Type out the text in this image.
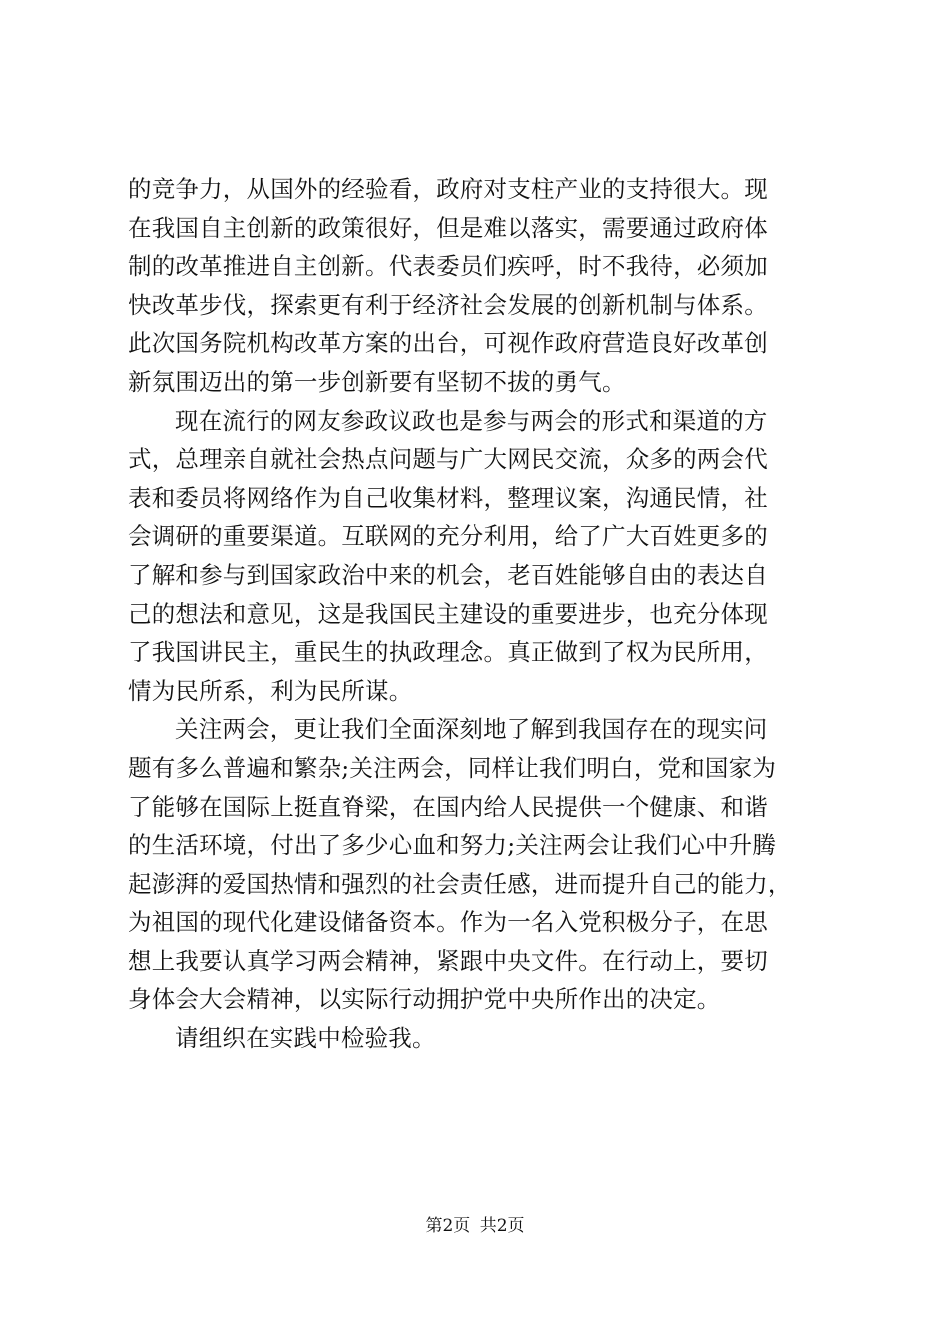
的竞争力，从国外的经验看，政府对支柱产业的支持很大。现
在我国自主创新的政策很好，但是难以落实，需要通过政府体
制的改革推进自主创新。代表委员们疾呼，时不我待，必须加
快改革步伐，探索更有利于经济社会发展的创新机制与体系。
此次国务院机构改革方案的出台，可视作政府营造良好改革创
新氛围迈出的第一步创新要有坚韧不拔的勇气。
现在流行的网友参政议政也是参与两会的形式和渠道的方
式，总理亲自就社会热点问题与广大网民交流，众多的两会代
表和委员将网络作为自己收集材料，整理议案，沟通民情，社
会调研的重要渠道。互联网的充分利用，给了广大百姓更多的
了解和参与到国家政治中来的机会，老百姓能够自由的表达自
己的想法和意见，这是我国民主建设的重要进步，也充分体现
了我国讲民主，重民生的执政理念。真正做到了权为民所用，
情为民所系，利为民所谋。
关注两会，更让我们全面深刻地了解到我国存在的现实问
题有多么普遍和繁杂;关注两会，同样让我们明白，党和国家为
了能够在国际上挺直脊梁，在国内给人民提供一个健康、和谐
的生活环境，付出了多少心血和努力;关注两会让我们心中升腾
起澎湃的爱国热情和强烈的社会责任感，进而提升自己的能力，
为祖国的现代化建设储备资本。作为一名入党积极分子，在思
想上我要认真学习两会精神，紧跟中央文件。在行动上，要切
身体会大会精神，以实际行动拥护党中央所作出的决定。
请组织在实践中检验我。
第2页 共2页
